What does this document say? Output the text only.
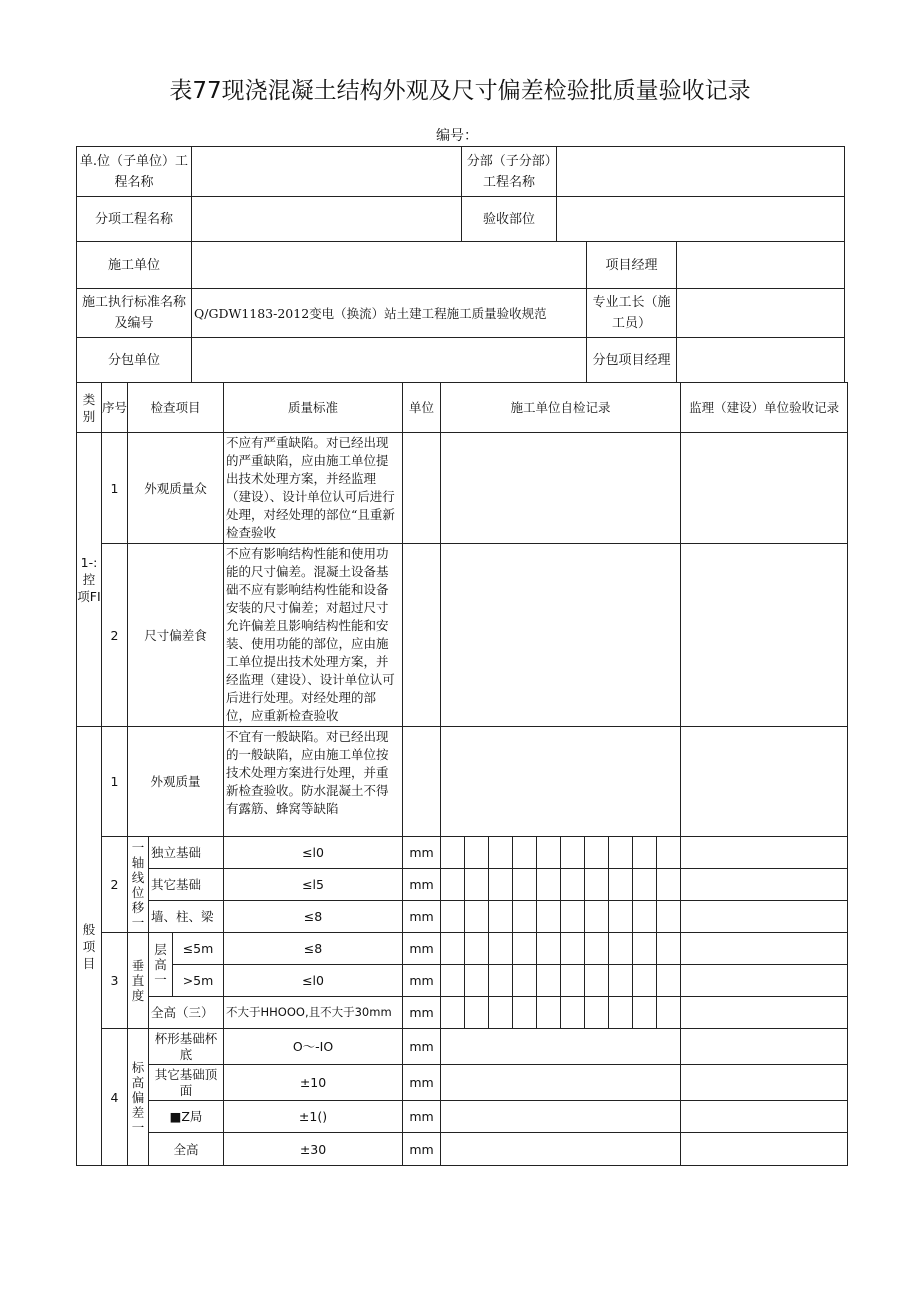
表77现浇混凝土结构外观及尺寸偏差检验批质量验收记录
编号：
单.位（子单位）工程名称		分部（子分部）工程名称			
分项工程名称		验收部位			
施工单位				项目经理	
施工执行标准名称及编号	Q/GDW1183-2012变电（换流）站土建工程施工质量验收规范			专业工长（施工员）	
分包单位				分包项目经理	
类别	序号	检查项目			质量标准	单位	施工单位自检记录										监理（建设）单位验收记录
1-:控项FI	1	外观质量众			不应有严重缺陷。对已经出现的严重缺陷，应由施工单位提出技术处理方案，并经监理（建设）、设计单位认可后进行处理，对经处理的部位“且重新检查验收												
	2	尺寸偏差食			不应有影响结构性能和使用功能的尺寸偏差。混凝土设备基础不应有影响结构性能和设备安装的尺寸偏差；对超过尺寸允许偏差且影响结构性能和安装、使用功能的部位，应由施工单位提出技术处理方案，并经监理（建设）、设计单位认可后进行处理。对经处理的部位，应重新检查验收												
般项目	1	外观质量			不宜有一般缺陷。对已经出现的一般缺陷，应由施工单位按技术处理方案进行处理，并重新检查验收。防水混凝土不得有露筋、蜂窝等缺陷												
	2	一轴线位移一	独立基础		≤l0	mm											
			其它基础		≤l5	mm											
			墙、柱、梁		≤8	mm											
	3	垂直度	层高一	≤5m	≤8	mm											
				>5m	≤l0	mm											
			全高（三）		不大于HHOOO,且不大于30mm	mm											
	4	标高偏差一	杯形基础杯底		O～-IO	mm											
			其它基础顶面		±10	mm											
			■Z局		±1()	mm											
			全高		±30	mm											
